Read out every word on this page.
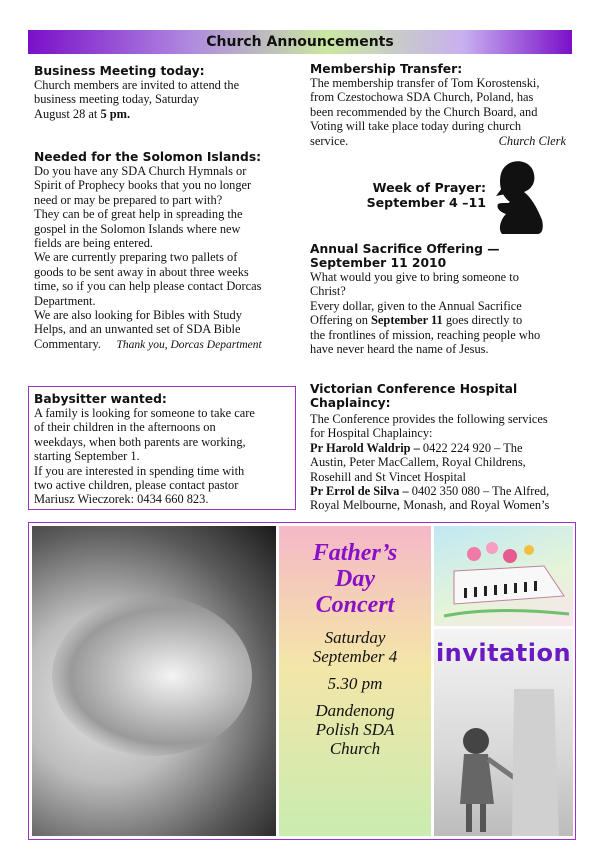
Church Announcements

Business Meeting today:

Church members are invited to attend the

business meeting today, Saturday

August 28 at 5 pm.

Needed for the Solomon Islands:

Do you have any SDA Church Hymnals or

Spirit of Prophecy books that you no longer

need or may be prepared to part with?

They can be of great help in spreading the

gospel in the Solomon Islands where new

fields are being entered.

We are currently preparing two pallets of

goods to be sent away in about three weeks

time, so if you can help please contact Dorcas

Department.

We are also looking for Bibles with Study

Helps, and an unwanted set of SDA Bible

Commentary. Thank you, Dorcas Department

Babysitter wanted:

A family is looking for someone to take care

of their children in the afternoons on

weekdays, when both parents are working,

starting September 1.

If you are interested in spending time with

two active children, please contact pastor

Mariusz Wieczorek: 0434 660 823.

Membership Transfer:

The membership transfer of Tom Korostenski,

from Czestochowa SDA Church, Poland, has

been recommended by the Church Board, and

Voting will take place today during church

service.	Church Clerk

Week of Prayer:

September 4 –11

Annual Sacrifice Offering —

September 11 2010

What would you give to bring someone to

Christ?

Every dollar, given to the Annual Sacrifice

Offering on September 11 goes directly to

the frontlines of mission, reaching people who

have never heard the name of Jesus.

Victorian Conference Hospital

Chaplaincy:

The Conference provides the following services

for Hospital Chaplaincy:

Pr Harold Waldrip – 0422 224 920 – The

Austin, Peter MacCallem, Royal Childrens,

Rosehill and St Vincet Hospital

Pr Errol de Silva – 0402 350 080 – The Alfred,

Royal Melbourne, Monash, and Royal Women’s

Father’s

Day

Concert

Saturday

September 4

5.30 pm

Dandenong

Polish SDA

Church

invitation
